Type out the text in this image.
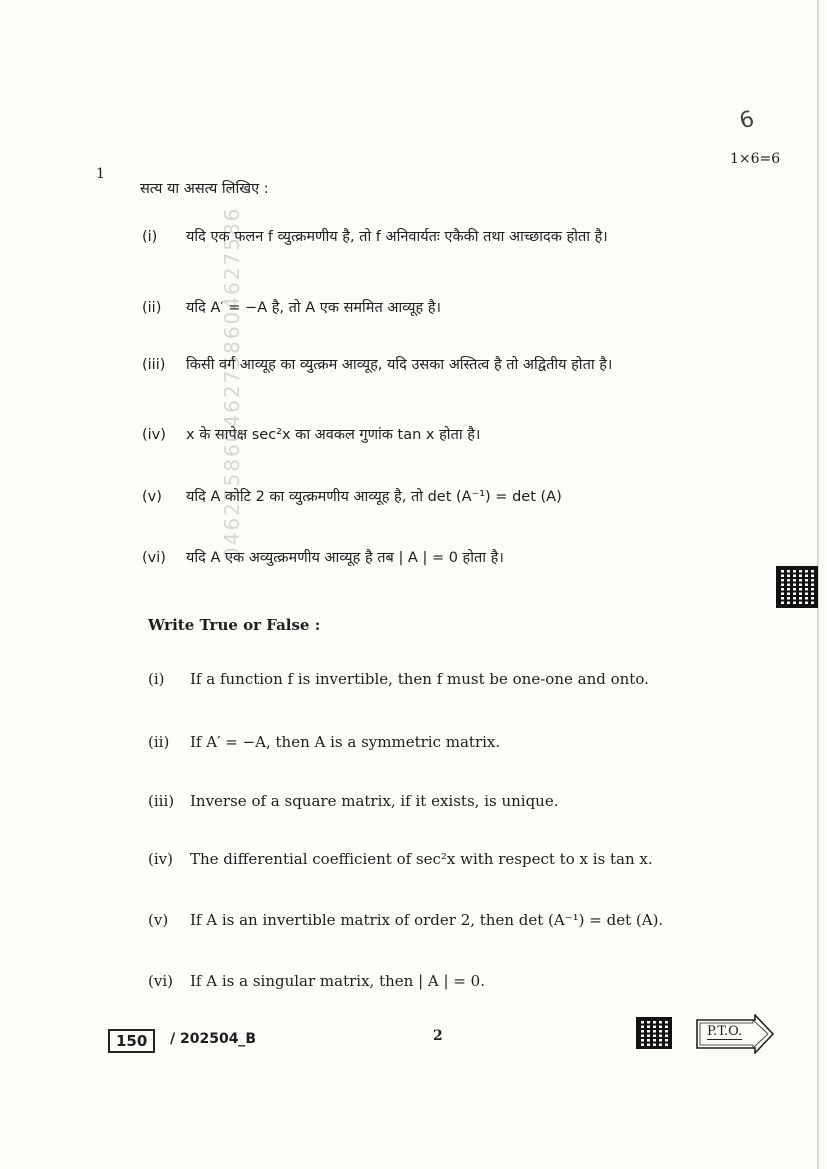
046275860462758604627586
6
1
1×6=6
सत्य या असत्य लिखिए :
(i) यदि एक फलन f व्युत्क्रमणीय है, तो f अनिवार्यतः एकैकी तथा आच्छादक होता है।
(ii) यदि A′ = −A है, तो A एक सममित आव्यूह है।
(iii) किसी वर्ग आव्यूह का व्युत्क्रम आव्यूह, यदि उसका अस्तित्व है तो अद्वितीय होता है।
(iv) x के सापेक्ष sec²x का अवकल गुणांक tan x होता है।
(v) यदि A कोटि 2 का व्युत्क्रमणीय आव्यूह है, तो det (A⁻¹) = det (A)
(vi) यदि A एक अव्युत्क्रमणीय आव्यूह है तब | A | = 0 होता है।
Write True or False :
(i) If a function f is invertible, then f must be one-one and onto.
(ii) If A′ = −A, then A is a symmetric matrix.
(iii) Inverse of a square matrix, if it exists, is unique.
(iv) The differential coefficient of sec²x with respect to x is tan x.
(v) If A is an invertible matrix of order 2, then det (A⁻¹) = det (A).
(vi) If A is a singular matrix, then | A | = 0.
150	/ 202504_B	2	P.T.O.
